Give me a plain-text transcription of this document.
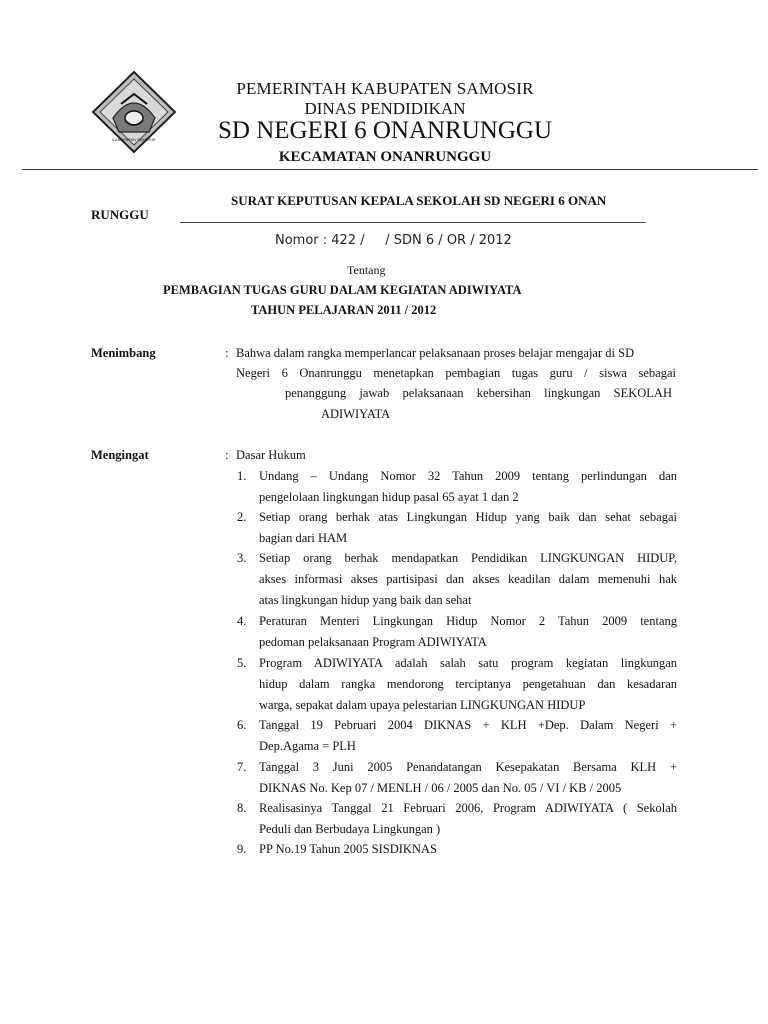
KABUPATEN SAMOSIR
PEMERINTAH KABUPATEN SAMOSIR
DINAS PENDIDIKAN
SD NEGERI 6 ONANRUNGGU
KECAMATAN ONANRUNGGU
SURAT KEPUTUSAN KEPALA SEKOLAH SD NEGERI 6 ONAN
RUNGGU
Nomor : 422 /     / SDN 6 / OR / 2012
Tentang
PEMBAGIAN TUGAS GURU DALAM KEGIATAN ADIWIYATA
TAHUN PELAJARAN 2011 / 2012
Menimbang	: Bahwa dalam rangka memperlancar pelaksanaan proses belajar mengajar di SD
Negeri 6 Onanrunggu menetapkan pembagian tugas guru / siswa sebagai
penanggung jawab pelaksanaan kebersihan lingkungan SEKOLAH
ADIWIYATA
Mengingat	: Dasar Hukum
1. Undang – Undang Nomor 32 Tahun 2009 tentang perlindungan dan
pengelolaan lingkungan hidup pasal 65 ayat 1 dan 2
2. Setiap orang berhak atas Lingkungan Hidup yang baik dan sehat sebagai
bagian dari HAM
3. Setiap orang berhak mendapatkan Pendidikan LINGKUNGAN HIDUP,
akses informasi akses partisipasi dan akses keadilan dalam memenuhi hak
atas lingkungan hidup yang baik dan sehat
4. Peraturan Menteri Lingkungan Hidup Nomor 2 Tahun 2009 tentang
pedoman pelaksanaan Program ADIWIYATA
5. Program ADIWIYATA adalah salah satu program kegiatan lingkungan
hidup dalam rangka mendorong terciptanya pengetahuan dan kesadaran
warga, sepakat dalam upaya pelestarian LINGKUNGAN HIDUP
6. Tanggal 19 Pebruari 2004 DIKNAS + KLH +Dep. Dalam Negeri +
Dep.Agama = PLH
7. Tanggal 3 Juni 2005 Penandatangan Kesepakatan Bersama KLH +
DIKNAS No. Kep 07 / MENLH / 06 / 2005 dan No. 05 / VI / KB / 2005
8. Realisasinya Tanggal 21 Februari 2006, Program ADIWIYATA ( Sekolah
Peduli dan Berbudaya Lingkungan )
9. PP No.19 Tahun 2005 SISDIKNAS
